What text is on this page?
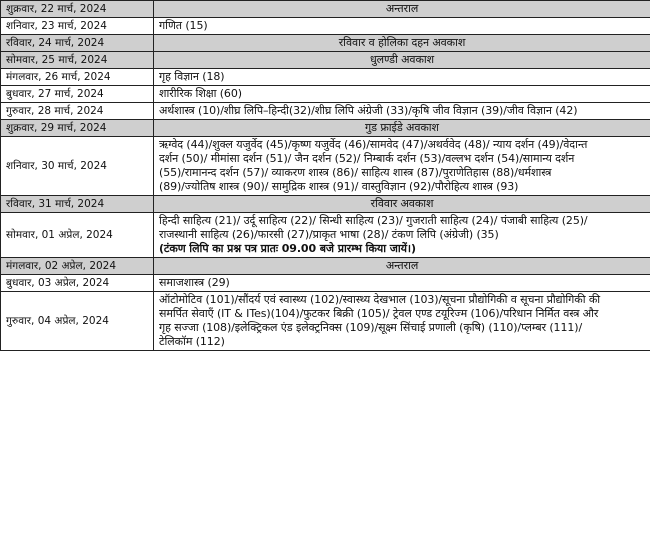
शुक्रवार, 22 मार्च, 2024	अन्तराल

शनिवार, 23 मार्च, 2024	गणित (15)

रविवार, 24 मार्च, 2024	रविवार व होलिका दहन अवकाश

सोमवार, 25 मार्च, 2024	धुलण्डी अवकाश

मंगलवार, 26 मार्च, 2024	गृह विज्ञान (18)

बुधवार, 27 मार्च, 2024	शारीरिक शिक्षा (60)

गुरुवार, 28 मार्च, 2024	अर्थशास्त्र (10)/शीघ्र लिपि–हिन्दी(32)/शीघ्र लिपि अंग्रेजी (33)/कृषि जीव विज्ञान (39)/जीव विज्ञान (42)

शुक्रवार, 29 मार्च, 2024	गुड फ्राईडे अवकाश

शनिवार, 30 मार्च, 2024	ऋग्वेद (44)/शुक्ल यजुर्वेद (45)/कृष्ण यजुर्वेद (46)/सामवेद (47)/अथर्ववेद (48)/ न्याय दर्शन (49)/वेदान्त
दर्शन (50)/ मीमांसा दर्शन (51)/ जैन दर्शन (52)/ निम्बार्क दर्शन (53)/वल्लभ दर्शन (54)/सामान्य दर्शन
(55)/रामानन्द दर्शन (57)/ व्याकरण शास्त्र (86)/ साहित्य शास्त्र (87)/पुराणेतिहास (88)/धर्मशास्त्र
(89)/ज्योतिष शास्त्र (90)/ सामुद्रिक शास्त्र (91)/ वास्तुविज्ञान (92)/पौरोहित्य शास्त्र (93)

रविवार, 31 मार्च, 2024	रविवार अवकाश

सोमवार, 01 अप्रेल, 2024	हिन्दी साहित्य (21)/ उर्दू साहित्य (22)/ सिन्धी साहित्य (23)/ गुजराती साहित्य (24)/ पंजाबी साहित्य (25)/
राजस्थानी साहित्य (26)/फारसी (27)/प्राकृत भाषा (28)/ टंकण लिपि (अंग्रेजी) (35)
(टंकण लिपि का प्रश्न पत्र प्रातः 09.00 बजे प्रारम्भ किया जायें।)

मंगलवार, 02 अप्रेल, 2024	अन्तराल

बुधवार, 03 अप्रेल, 2024	समाजशास्त्र (29)

गुरुवार, 04 अप्रेल, 2024	ऑटोमोटिव (101)/सौंदर्य एवं स्वास्थ्य (102)/स्वास्थ्य देखभाल (103)/सूचना प्रौद्योगिकी व सूचना प्रौद्योगिकी की
समर्पित सेवाएँ (IT & ITes)(104)/फुटकर बिक्री (105)/ ट्रेवल एण्ड टयूरिज्म (106)/परिधान निर्मित वस्त्र और
गृह सज्जा (108)/इलेक्ट्रिकल एंड इलेक्ट्रनिक्स (109)/सूक्ष्म सिंचाई प्रणाली (कृषि) (110)/प्लम्बर (111)/
टेलिकॉम (112)
